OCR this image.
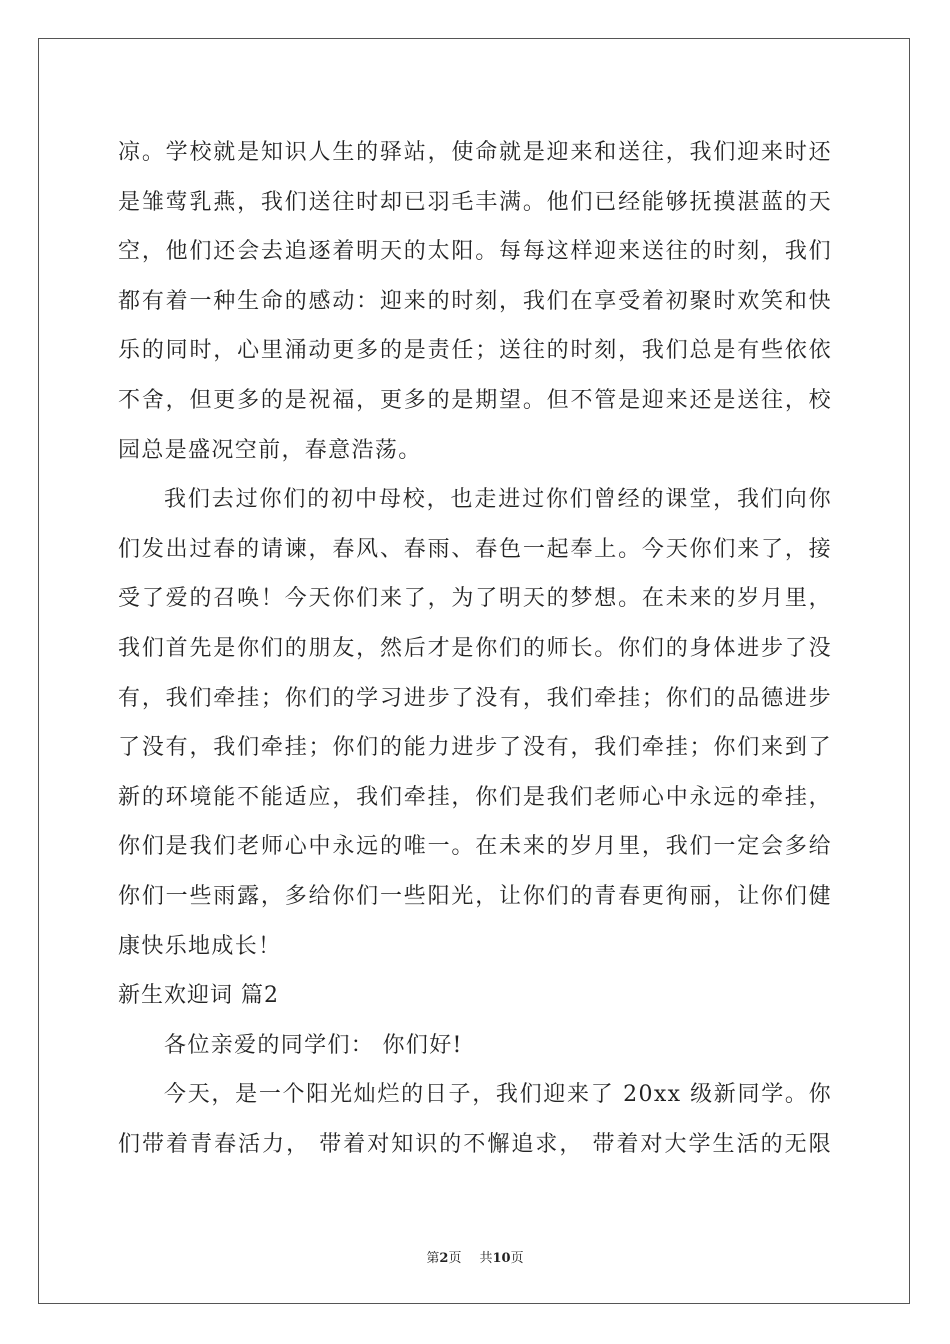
凉。学校就是知识人生的驿站，使命就是迎来和送往，我们迎来时还
是雏莺乳燕，我们送往时却已羽毛丰满。他们已经能够抚摸湛蓝的天
空，他们还会去追逐着明天的太阳。每每这样迎来送往的时刻，我们
都有着一种生命的感动：迎来的时刻，我们在享受着初聚时欢笑和快
乐的同时，心里涌动更多的是责任；送往的时刻，我们总是有些依依
不舍，但更多的是祝福，更多的是期望。但不管是迎来还是送往，校
园总是盛况空前，春意浩荡。
我们去过你们的初中母校，也走进过你们曾经的课堂，我们向你
们发出过春的请谏，春风、春雨、春色一起奉上。今天你们来了，接
受了爱的召唤！今天你们来了，为了明天的梦想。在未来的岁月里，
我们首先是你们的朋友，然后才是你们的师长。你们的身体进步了没
有，我们牵挂；你们的学习进步了没有，我们牵挂；你们的品德进步
了没有，我们牵挂；你们的能力进步了没有，我们牵挂；你们来到了
新的环境能不能适应，我们牵挂，你们是我们老师心中永远的牵挂，
你们是我们老师心中永远的唯一。在未来的岁月里，我们一定会多给
你们一些雨露，多给你们一些阳光，让你们的青春更徇丽，让你们健
康快乐地成长！
新生欢迎词 篇2
各位亲爱的同学们： 你们好!
今天，是一个阳光灿烂的日子，我们迎来了 20xx 级新同学。你
们带着青春活力， 带着对知识的不懈追求， 带着对大学生活的无限
第2页 共10页
